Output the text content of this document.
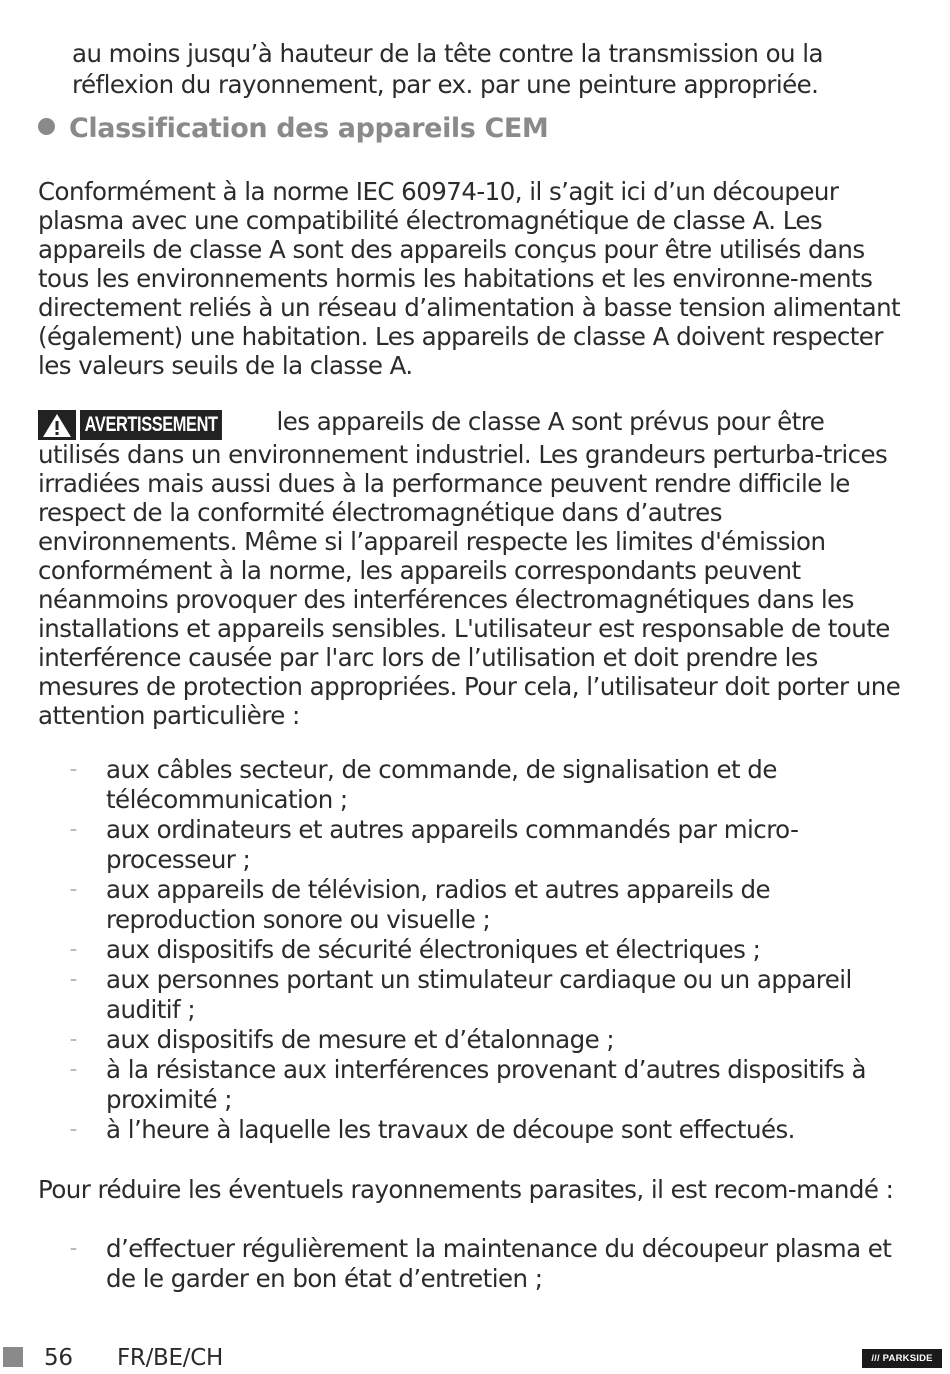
au moins jusqu’à hauteur de la tête contre la transmission ou la réflexion du rayonnement, par ex. par une peinture appropriée.

Classification des appareils CEM

Conformément à la norme IEC 60974-10, il s’agit ici d’un découpeur plasma avec une compatibilité électromagnétique de classe A. Les appareils de classe A sont des appareils conçus pour être utilisés dans tous les environnements hormis les habitations et les environne-ments directement reliés à un réseau d’alimentation à basse tension alimentant (également) une habitation. Les appareils de classe A doivent respecter les valeurs seuils de la classe A.

AVERTISSEMENT les appareils de classe A sont prévus pour être utilisés dans un environnement industriel. Les grandeurs perturba-trices irradiées mais aussi dues à la performance peuvent rendre difficile le respect de la conformité électromagnétique dans d’autres environnements. Même si l’appareil respecte les limites d'émission conformément à la norme, les appareils correspondants peuvent néanmoins provoquer des interférences électromagnétiques dans les installations et appareils sensibles. L'utilisateur est responsable de toute interférence causée par l'arc lors de l’utilisation et doit prendre les mesures de protection appropriées. Pour cela, l’utilisateur doit porter une attention particulière :

– aux câbles secteur, de commande, de signalisation et de télécommunication ;
– aux ordinateurs et autres appareils commandés par micro-processeur ;
– aux appareils de télévision, radios et autres appareils de reproduction sonore ou visuelle ;
– aux dispositifs de sécurité électroniques et électriques ;
– aux personnes portant un stimulateur cardiaque ou un appareil auditif ;
– aux dispositifs de mesure et d’étalonnage ;
– à la résistance aux interférences provenant d’autres dispositifs à proximité ;
– à l’heure à laquelle les travaux de découpe sont effectués.

Pour réduire les éventuels rayonnements parasites, il est recom-mandé :

– d’effectuer régulièrement la maintenance du découpeur plasma et de le garder en bon état d’entretien ;
56 FR/BE/CH	/// PARKSIDE
